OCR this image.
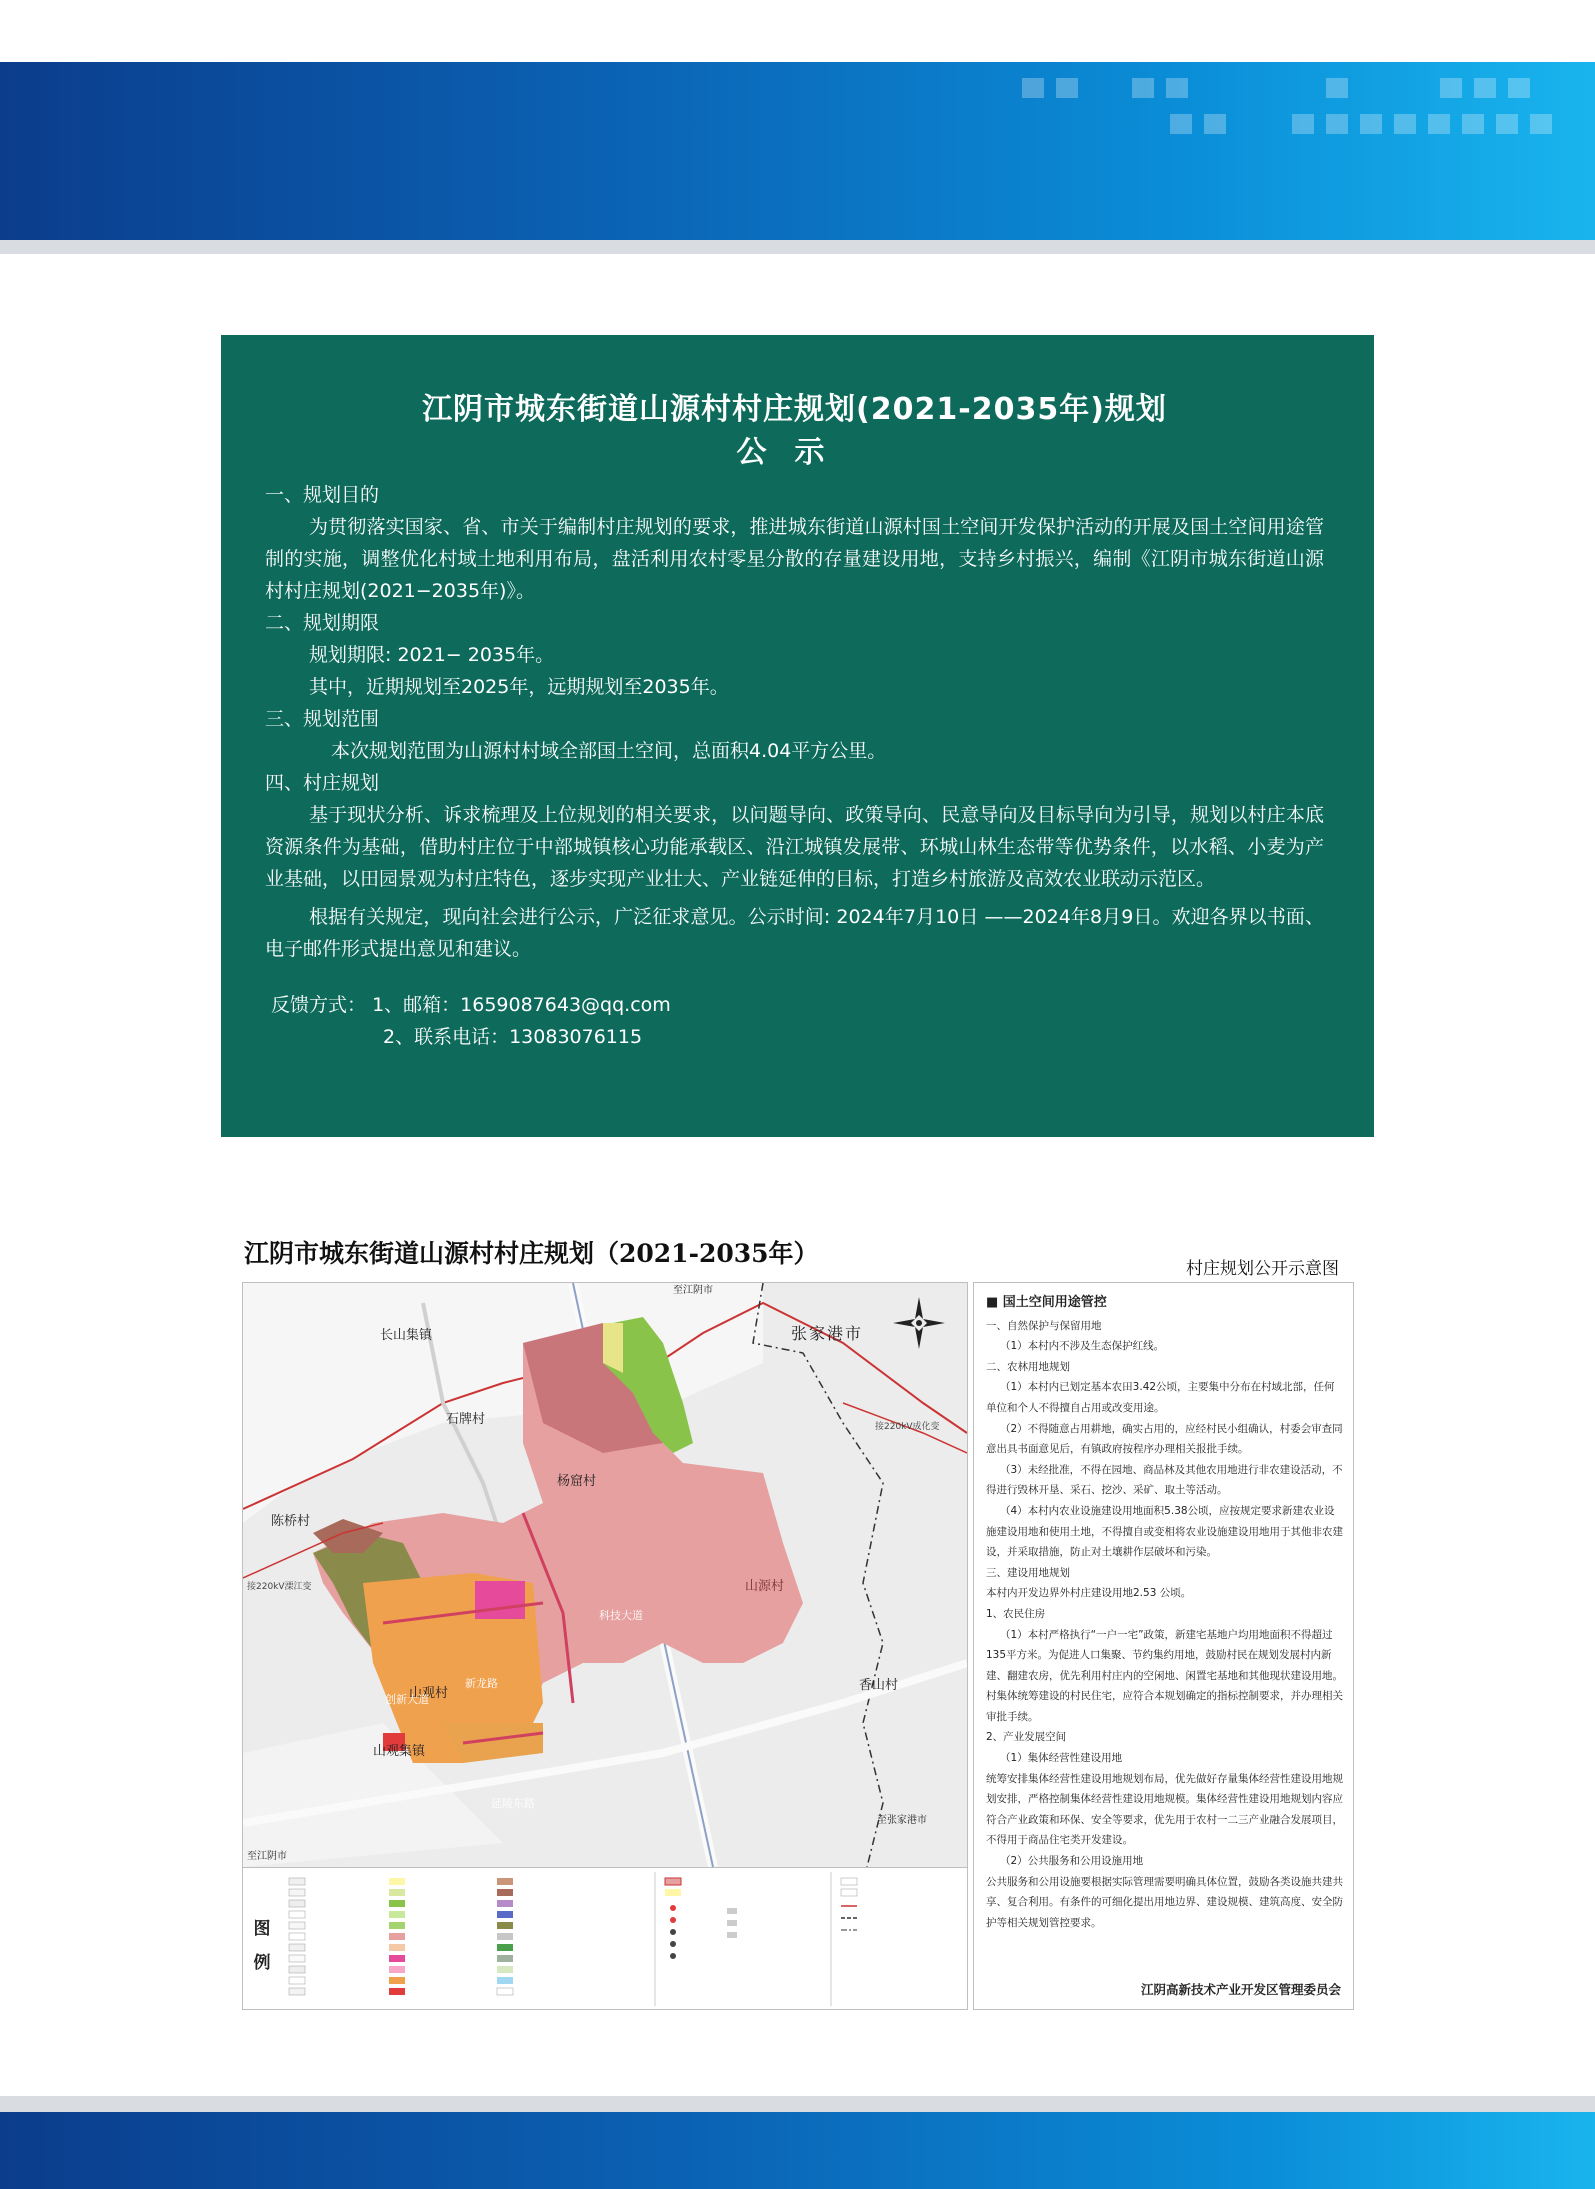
江阴市城东街道山源村村庄规划(2021-2035年)规划
公示
一、规划目的
为贯彻落实国家、省、市关于编制村庄规划的要求，推进城东街道山源村国土空间开发保护活动的开展及国土空间用途管制的实施，调整优化村域土地利用布局，盘活利用农村零星分散的存量建设用地，支持乡村振兴，编制《江阴市城东街道山源村村庄规划(2021−2035年)》。
二、规划期限
规划期限: 2021− 2035年。
其中，近期规划至2025年，远期规划至2035年。
三、规划范围
本次规划范围为山源村村域全部国土空间，总面积4.04平方公里。
四、村庄规划
基于现状分析、诉求梳理及上位规划的相关要求，以问题导向、政策导向、民意导向及目标导向为引导，规划以村庄本底资源条件为基础，借助村庄位于中部城镇核心功能承载区、沿江城镇发展带、环城山林生态带等优势条件，以水稻、小麦为产业基础，以田园景观为村庄特色，逐步实现产业壮大、产业链延伸的目标，打造乡村旅游及高效农业联动示范区。
根据有关规定，现向社会进行公示，广泛征求意见。公示时间: 2024年7月10日 ——2024年8月9日。欢迎各界以书面、电子邮件形式提出意见和建议。
反馈方式： 1、邮箱：1659087643@qq.com
2、联系电话：13083076115
江阴市城东街道山源村村庄规划（2021-2035年）
村庄规划公开示意图
张家港市
长山集镇
石牌村
杨窟村
陈桥村
山源村
山观村
山观集镇
香山村
至江阴市
至江阴市
至张家港市
新龙路
延陵东路
科技大道
创新大道
接220kV溧江变
接220kV成化变
图例
■ 国土空间用途管控
一、自然保护与保留用地
（1）本村内不涉及生态保护红线。
二、农林用地规划
（1）本村内已划定基本农田3.42公顷，主要集中分布在村域北部，任何单位和个人不得擅自占用或改变用途。
（2）不得随意占用耕地，确实占用的，应经村民小组确认，村委会审查同意出具书面意见后，有镇政府按程序办理相关报批手续。
（3）未经批准，不得在园地、商品林及其他农用地进行非农建设活动，不得进行毁林开垦、采石、挖沙、采矿、取土等活动。
（4）本村内农业设施建设用地面积5.38公顷，应按规定要求新建农业设施建设用地和使用土地，不得擅自或变相将农业设施建设用地用于其他非农建设，并采取措施，防止对土壤耕作层破坏和污染。
三、建设用地规划
本村内开发边界外村庄建设用地2.53 公顷。
1、农民住房
（1）本村严格执行“一户一宅”政策，新建宅基地户均用地面积不得超过135平方米。为促进人口集聚、节约集约用地，鼓励村民在规划发展村内新建、翻建农房，优先利用村庄内的空闲地、闲置宅基地和其他现状建设用地。
村集体统筹建设的村民住宅，应符合本规划确定的指标控制要求，并办理相关审批手续。
2、产业发展空间
（1）集体经营性建设用地
统筹安排集体经营性建设用地规划布局，优先做好存量集体经营性建设用地规划安排，严格控制集体经营性建设用地规模。集体经营性建设用地规划内容应符合产业政策和环保、安全等要求，优先用于农村一二三产业融合发展项目，不得用于商品住宅类开发建设。
（2）公共服务和公用设施用地
公共服务和公用设施要根据实际管理需要明确具体位置，鼓励各类设施共建共享、复合利用。有条件的可细化提出用地边界、建设规模、建筑高度、安全防护等相关规划管控要求。
江阴高新技术产业开发区管理委员会
